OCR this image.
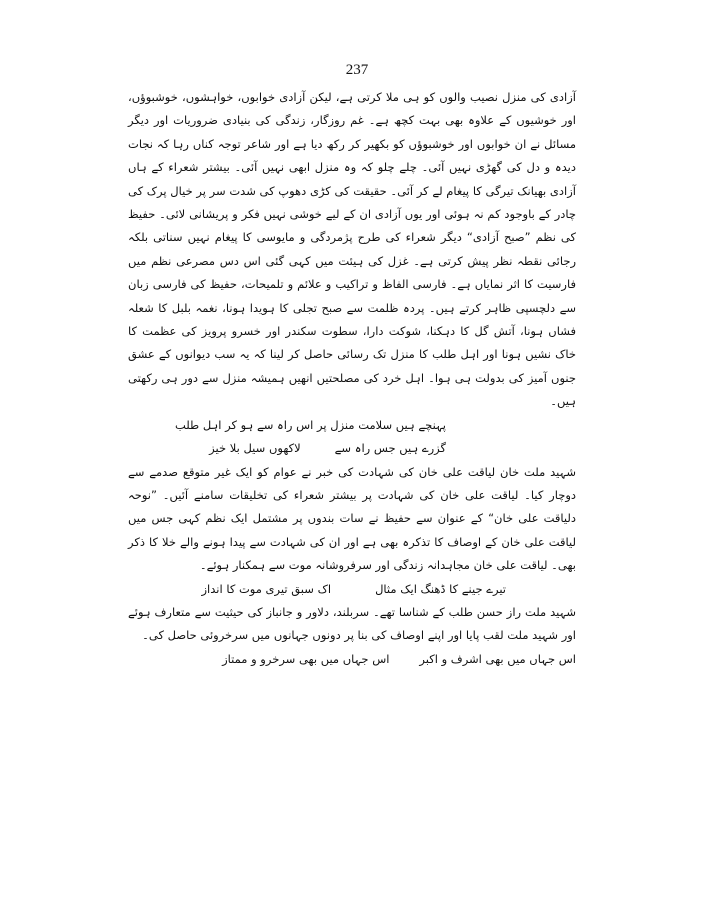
237

آزادی کی منزل نصیب والوں کو ہی ملا کرتی ہے، لیکن آزادی خوابوں، خواہشوں، خوشبوؤں، اور خوشیوں کے علاوہ بھی بہت کچھ ہے۔ غم روزگار، زندگی کی بنیادی ضروریات اور دیگر مسائل نے ان خوابوں اور خوشبوؤں کو بکھیر کر رکھ دیا ہے اور شاعر توجہ کناں رہا کہ نجات دیدہ و دل کی گھڑی نہیں آئی۔ چلے چلو کہ وہ منزل ابھی نہیں آئی۔ بیشتر شعراء کے ہاں آزادی بھیانک تیرگی کا پیغام لے کر آئی۔ حقیقت کی کڑی دھوپ کی شدت سر پر خیال پرک کی چادر کے باوجود کم نہ ہوئی اور یوں آزادی ان کے لیے خوشی نہیں فکر و پریشانی لائی۔ حفیظ کی نظم ”صبح آزادی“ دیگر شعراء کی طرح پژمردگی و مایوسی کا پیغام نہیں سناتی بلکہ رجائی نقطہ نظر پیش کرتی ہے۔ غزل کی ہیئت میں کہی گئی اس دس مصرعی نظم میں فارسیت کا اثر نمایاں ہے۔ فارسی الفاظ و تراکیب و علائم و تلمیحات، حفیظ کی فارسی زبان سے دلچسپی ظاہر کرتے ہیں۔ پردہ ظلمت سے صبح تجلی کا ہویدا ہونا، نغمہ بلبل کا شعلہ فشاں ہونا، آتش گل کا دہکنا، شوکت دارا، سطوت سکندر اور خسرو پرویز کی عظمت کا خاک نشیں ہونا اور اہل طلب کا منزل تک رسائی حاصل کر لینا کہ یہ سب دیوانوں کے عشق جنوں آمیز کی بدولت ہی ہوا۔ اہل خرد کی مصلحتیں انھیں ہمیشہ منزل سے دور ہی رکھتی ہیں۔

پہنچے ہیں سلامت منزل پر اس راہ سے ہو کر اہل طلب
گزرے ہیں جس راہ سے
لاکھوں سیل بلا خیز

شہید ملت خان لیاقت علی خان کی شہادت کی خبر نے عوام کو ایک غیر متوقع صدمے سے دوچار کیا۔ لیاقت علی خان کی شہادت پر بیشتر شعراء کی تخلیقات سامنے آئیں۔ ”نوحہ دلیاقت علی خان“ کے عنوان سے حفیظ نے سات بندوں پر مشتمل ایک نظم کہی جس میں لیاقت علی خان کے اوصاف کا تذکرہ بھی ہے اور ان کی شہادت سے پیدا ہونے والے خلا کا ذکر بھی۔ لیاقت علی خان مجاہدانہ زندگی اور سرفروشانہ موت سے ہمکنار ہوئے۔

تیرے جینے کا ڈھنگ ایک مثال
اک سبق تیری موت کا انداز

شہید ملت راز حسن طلب کے شناسا تھے۔ سربلند، دلاور و جانباز کی حیثیت سے متعارف ہوئے اور شہید ملت لقب پایا اور اپنے اوصاف کی بنا پر دونوں جہانوں میں سرخروئی حاصل کی۔

اس جہاں میں بھی اشرف و اکبر
اس جہاں میں بھی سرخرو و ممتاز
